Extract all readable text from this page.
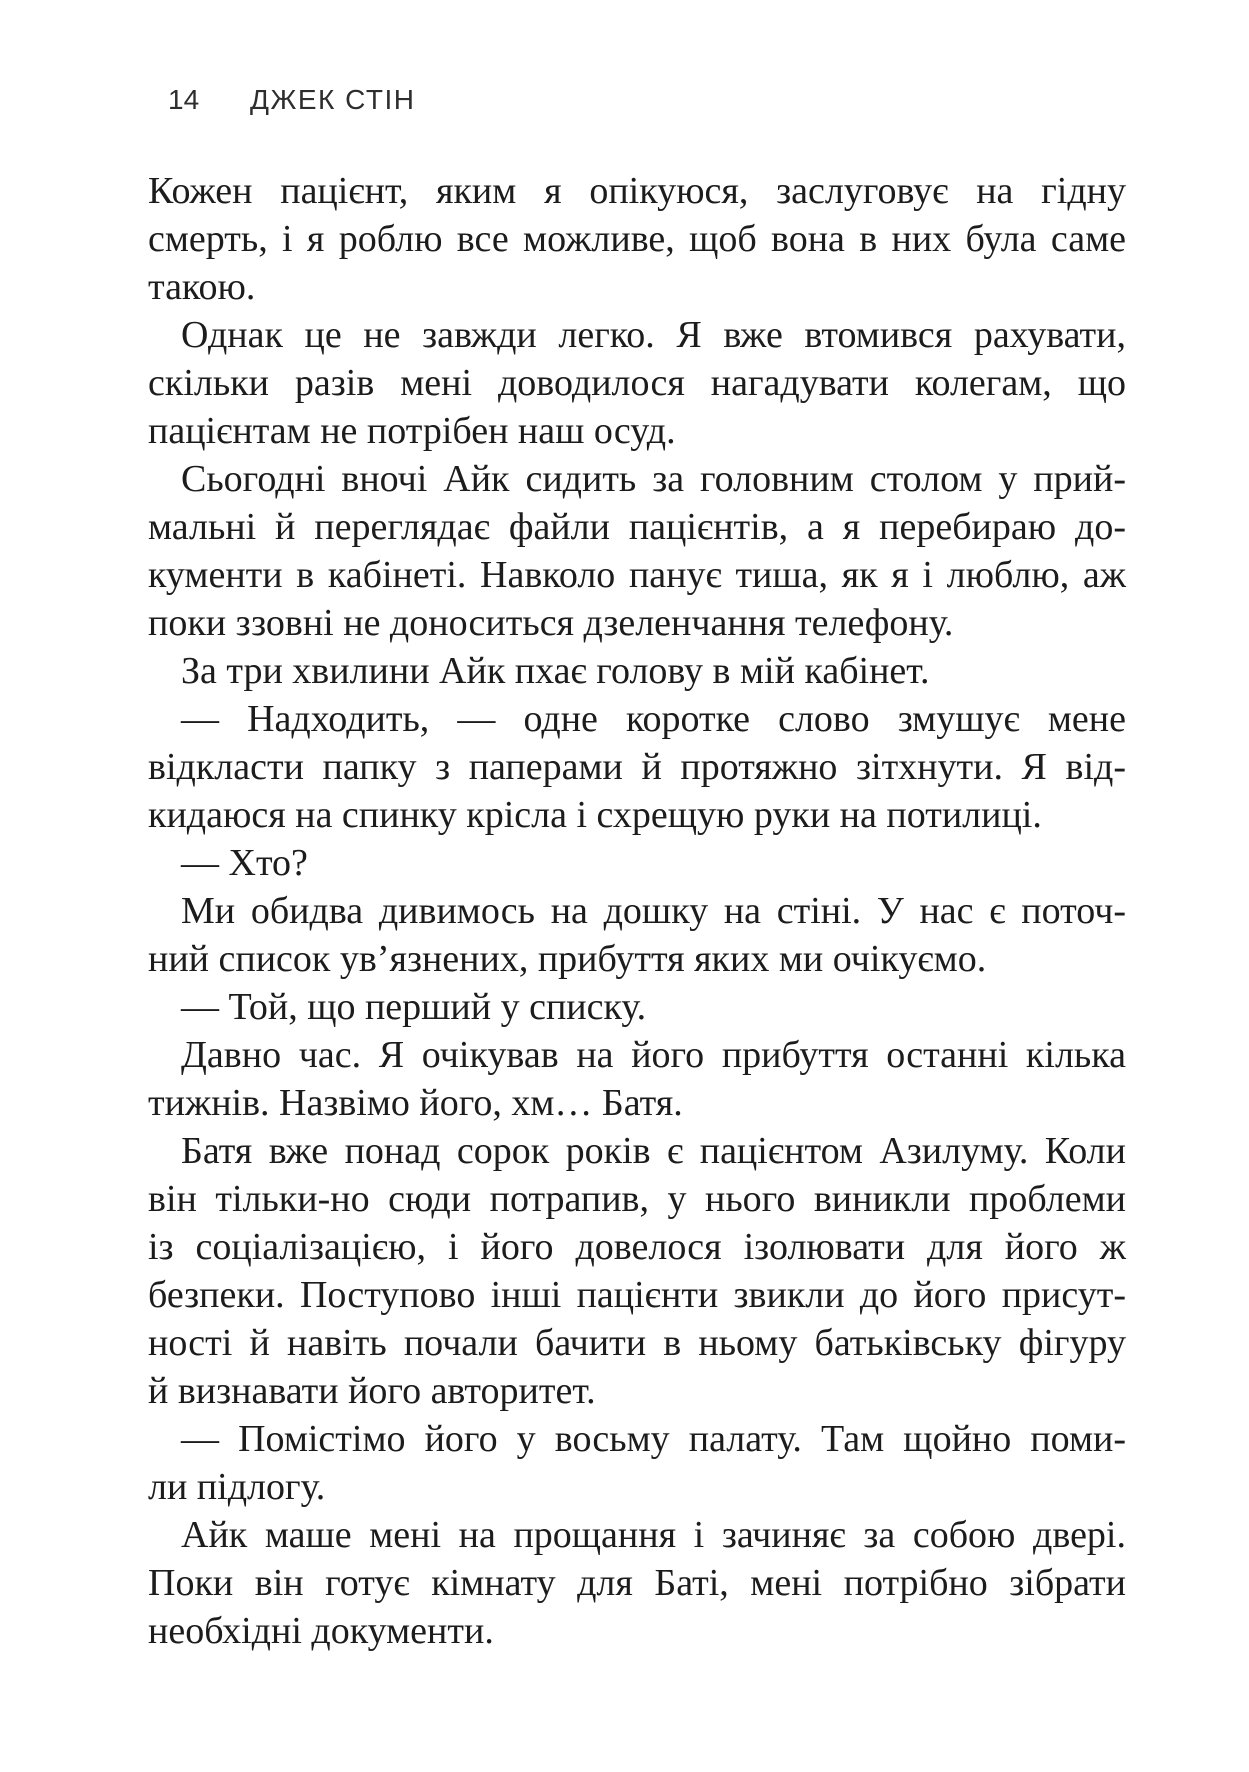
14 ДЖЕК СТІН

Кожен пацієнт, яким я опікуюся, заслуговує на гідну
смерть, і я роблю все можливе, щоб вона в них була саме
такою.

Однак це не завжди легко. Я вже втомився рахувати,
скільки разів мені доводилося нагадувати колегам, що
пацієнтам не потрібен наш осуд.

Сьогодні вночі Айк сидить за головним столом у прий-
мальні й переглядає файли пацієнтів, а я перебираю до-
кументи в кабінеті. Навколо панує тиша, як я і люблю, аж
поки ззовні не доноситься дзеленчання телефону.

За три хвилини Айк пхає голову в мій кабінет.

— Надходить, — одне коротке слово змушує мене
відкласти папку з паперами й протяжно зітхнути. Я від-
кидаюся на спинку крісла і схрещую руки на потилиці.

— Хто?

Ми обидва дивимось на дошку на стіні. У нас є поточ-
ний список ув’язнених, прибуття яких ми очікуємо.

— Той, що перший у списку.

Давно час. Я очікував на його прибуття останні кілька
тижнів. Назвімо його, хм… Батя.

Батя вже понад сорок років є пацієнтом Азилуму. Коли
він тільки-но сюди потрапив, у нього виникли проблеми
із соціалізацією, і його довелося ізолювати для його ж
безпеки. Поступово інші пацієнти звикли до його присут-
ності й навіть почали бачити в ньому батьківську фігуру
й визнавати його авторитет.

— Помістімо його у восьму палату. Там щойно поми-
ли підлогу.

Айк маше мені на прощання і зачиняє за собою двері.
Поки він готує кімнату для Баті, мені потрібно зібрати
необхідні документи.
